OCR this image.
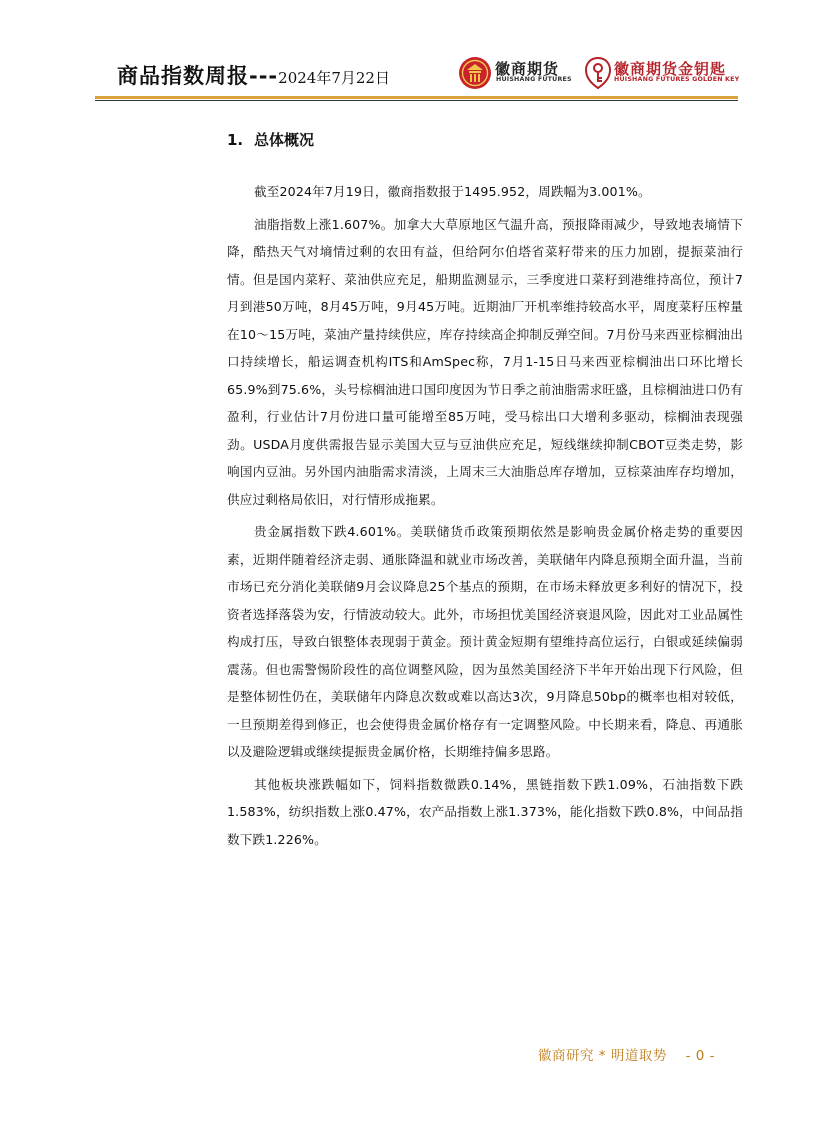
商品指数周报---2024年7月22日	徽商期货
HUISHANG FUTURES
徽商期货金钥匙
HUISHANG FUTURES GOLDEN KEY
1. 总体概况

截至2024年7月19日，徽商指数报于1495.952，周跌幅为3.001%。

油脂指数上涨1.607%。加拿大大草原地区气温升高，预报降雨减少，导致地表墒情下降，酷热天气对墒情过剩的农田有益，但给阿尔伯塔省菜籽带来的压力加剧，提振菜油行情。但是国内菜籽、菜油供应充足，船期监测显示，三季度进口菜籽到港维持高位，预计7月到港50万吨，8月45万吨，9月45万吨。近期油厂开机率维持较高水平，周度菜籽压榨量在10～15万吨，菜油产量持续供应，库存持续高企抑制反弹空间。7月份马来西亚棕榈油出口持续增长，船运调查机构ITS和AmSpec称，7月1-15日马来西亚棕榈油出口环比增长65.9%到75.6%，头号棕榈油进口国印度因为节日季之前油脂需求旺盛，且棕榈油进口仍有盈利，行业估计7月份进口量可能增至85万吨，受马棕出口大增利多驱动，棕榈油表现强劲。USDA月度供需报告显示美国大豆与豆油供应充足，短线继续抑制CBOT豆类走势，影响国内豆油。另外国内油脂需求清淡，上周末三大油脂总库存增加，豆棕菜油库存均增加，供应过剩格局依旧，对行情形成拖累。

贵金属指数下跌4.601%。美联储货币政策预期依然是影响贵金属价格走势的重要因素，近期伴随着经济走弱、通胀降温和就业市场改善，美联储年内降息预期全面升温，当前市场已充分消化美联储9月会议降息25个基点的预期，在市场未释放更多利好的情况下，投资者选择落袋为安，行情波动较大。此外，市场担忧美国经济衰退风险，因此对工业品属性构成打压，导致白银整体表现弱于黄金。预计黄金短期有望维持高位运行，白银或延续偏弱震荡。但也需警惕阶段性的高位调整风险，因为虽然美国经济下半年开始出现下行风险，但是整体韧性仍在，美联储年内降息次数或难以高达3次，9月降息50bp的概率也相对较低，一旦预期差得到修正，也会使得贵金属价格存有一定调整风险。中长期来看，降息、再通胀以及避险逻辑或继续提振贵金属价格，长期维持偏多思路。

其他板块涨跌幅如下，饲料指数微跌0.14%，黑链指数下跌1.09%，石油指数下跌1.583%，纺织指数上涨0.47%，农产品指数上涨1.373%，能化指数下跌0.8%，中间品指数下跌1.226%。

徽商研究 * 明道取势 - 0 -
